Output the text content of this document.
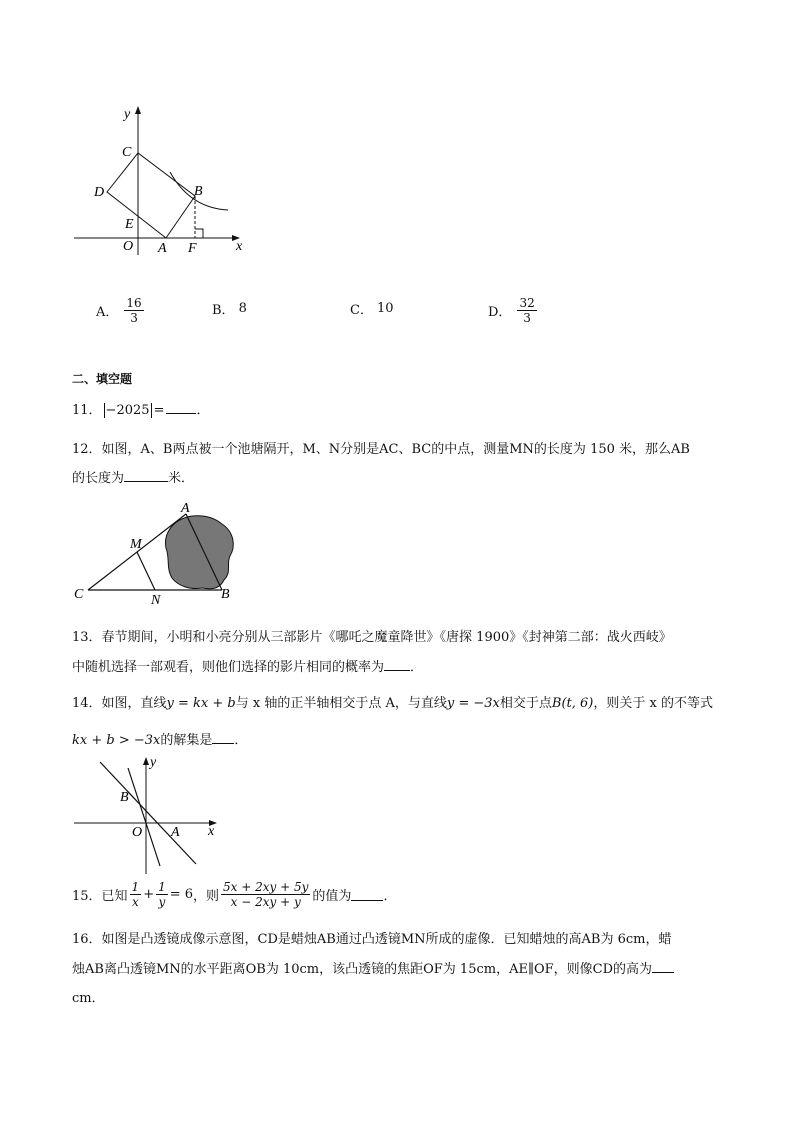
y
C
D
E
B
O A F	x
A． $\frac{16}{3}$	B． 8	C． 10	D． $\frac{32}{3}$
二、填空题
11． −2025 = ．
12．如图，A、B两点被一个池塘隔开，M、N分别是AC、BC的中点，测量MN的长度为 150 米，那么AB
的长度为	米．
A
M
C	N	B
13．春节期间，小明和小亮分别从三部影片《哪吒之魔童降世》《唐探 1900》《封神第二部：战火西岐》
中随机选择一部观看，则他们选择的影片相同的概率为 ．
14．如图，直线y = kx + b与 x 轴的正半轴相交于点 A，与直线y = −3x相交于点B(t, 6)，则关于 x 的不等式
kx + b > −3x的解集是 ．
y
B
O A x
15．已知 $\frac{1}{x} + \frac{1}{y} = 6$ ，则 $\frac{5x + 2xy + 5y}{x - 2xy + y}$ 的值为 ．
16．如图是凸透镜成像示意图，CD是蜡烛AB通过凸透镜MN所成的虚像．已知蜡烛的高AB为 6cm，蜡
烛AB离凸透镜MN的水平距离OB为 10cm，该凸透镜的焦距OF为 15cm，AE∥OF，则像CD的高为
cm．
